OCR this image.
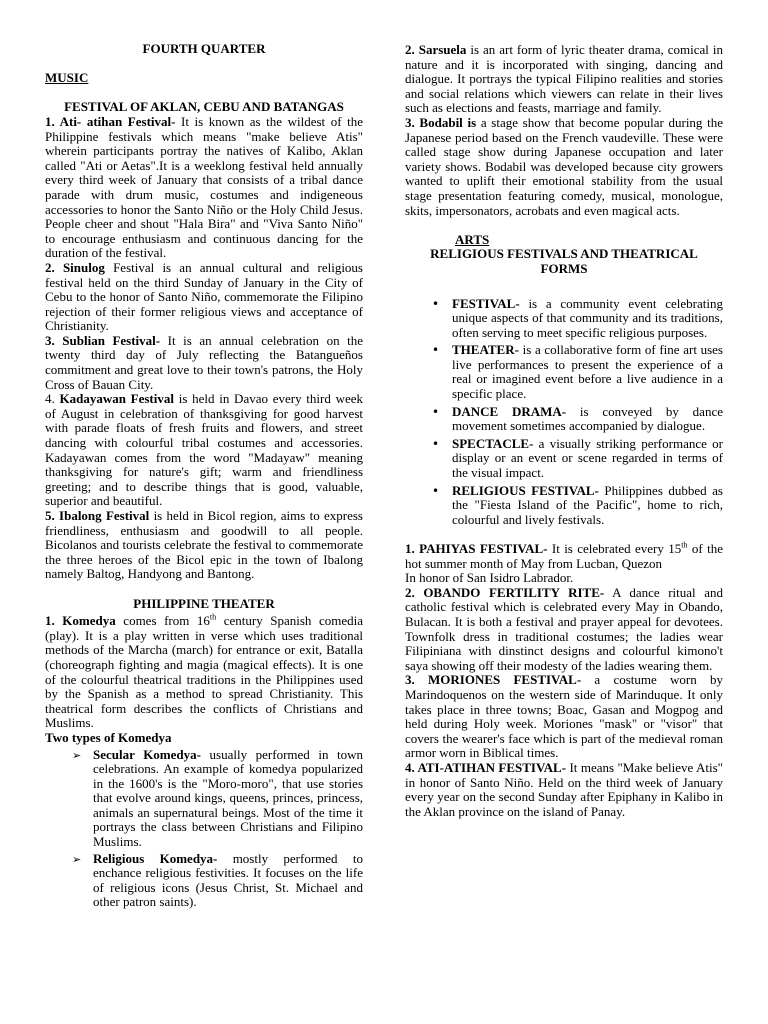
FOURTH QUARTER

MUSIC

FESTIVAL OF AKLAN, CEBU AND BATANGAS

1. Ati- atihan Festival- It is known as the wildest of the Philippine festivals which means "make believe Atis" wherein participants portray the natives of Kalibo, Aklan called "Ati or Aetas".It is a weeklong festival held annually every third week of January that consists of a tribal dance parade with drum music, costumes and indigeneous accessories to honor the Santo Niño or the Holy Child Jesus. People cheer and shout "Hala Bira" and "Viva Santo Niño" to encourage enthusiasm and continuous dancing for the duration of the festival.

2. Sinulog Festival is an annual cultural and religious festival held on the third Sunday of January in the City of Cebu to the honor of Santo Niño, commemorate the Filipino rejection of their former religious views and acceptance of Christianity.

3. Sublian Festival- It is an annual celebration on the twenty third day of July reflecting the Batangueños commitment and great love to their town's patrons, the Holy Cross of Bauan City.

4. Kadayawan Festival is held in Davao every third week of August in celebration of thanksgiving for good harvest with parade floats of fresh fruits and flowers, and street dancing with colourful tribal costumes and accessories. Kadayawan comes from the word "Madayaw" meaning thanksgiving for nature's gift; warm and friendliness greeting; and to describe things that is good, valuable, superior and beautiful.

5. Ibalong Festival is held in Bicol region, aims to express friendliness, enthusiasm and goodwill to all people. Bicolanos and tourists celebrate the festival to commemorate the three heroes of the Bicol epic in the town of Ibalong namely Baltog, Handyong and Bantong.

PHILIPPINE THEATER

1. Komedya comes from 16th century Spanish comedia (play). It is a play written in verse which uses traditional methods of the Marcha (march) for entrance or exit, Batalla (choreograph fighting and magia (magical effects). It is one of the colourful theatrical traditions in the Philippines used by the Spanish as a method to spread Christianity. This theatrical form describes the conflicts of Christians and Muslims.

Two types of Komedya

➢
Secular Komedya- usually performed in town celebrations. An example of komedya popularized in the 1600's is the "Moro-moro", that use stories that evolve around kings, queens, princes, princess, animals an supernatural beings. Most of the time it portrays the class between Christians and Filipino Muslims.
➢
Religious Komedya- mostly performed to enchance religious festivities. It focuses on the life of religious icons (Jesus Christ, St. Michael and other patron saints).

2. Sarsuela is an art form of lyric theater drama, comical in nature and it is incorporated with singing, dancing and dialogue. It portrays the typical Filipino realities and stories and social relations which viewers can relate in their lives such as elections and feasts, marriage and family.

3. Bodabil is a stage show that become popular during the Japanese period based on the French vaudeville. These were called stage show during Japanese occupation and later variety shows. Bodabil was developed because city growers wanted to uplift their emotional stability from the usual stage presentation featuring comedy, musical, monologue, skits, impersonators, acrobats and even magical acts.

ARTS

RELIGIOUS FESTIVALS AND THEATRICAL FORMS

•
FESTIVAL- is a community event celebrating unique aspects of that community and its traditions, often serving to meet specific religious purposes.
•
THEATER- is a collaborative form of fine art uses live performances to present the experience of a real or imagined event before a live audience in a specific place.
•
DANCE DRAMA- is conveyed by dance movement sometimes accompanied by dialogue.
•
SPECTACLE- a visually striking performance or display or an event or scene regarded in terms of the visual impact.
•
RELIGIOUS FESTIVAL- Philippines dubbed as the "Fiesta Island of the Pacific", home to rich, colourful and lively festivals.

1. PAHIYAS FESTIVAL- It is celebrated every 15th of the hot summer month of May from Lucban, Quezon
In honor of San Isidro Labrador.

2. OBANDO FERTILITY RITE- A dance ritual and catholic festival which is celebrated every May in Obando, Bulacan. It is both a festival and prayer appeal for devotees. Townfolk dress in traditional costumes; the ladies wear Filipiniana with dinstinct designs and colourful kimono't saya showing off their modesty of the ladies wearing them.

3. MORIONES FESTIVAL- a costume worn by Marindoquenos on the western side of Marinduque. It only takes place in three towns; Boac, Gasan and Mogpog and held during Holy week. Moriones "mask" or "visor" that covers the wearer's face which is part of the medieval roman armor worn in Biblical times.

4. ATI-ATIHAN FESTIVAL- It means "Make believe Atis" in honor of Santo Niño. Held on the third week of January every year on the second Sunday after Epiphany in Kalibo in the Aklan province on the island of Panay.
